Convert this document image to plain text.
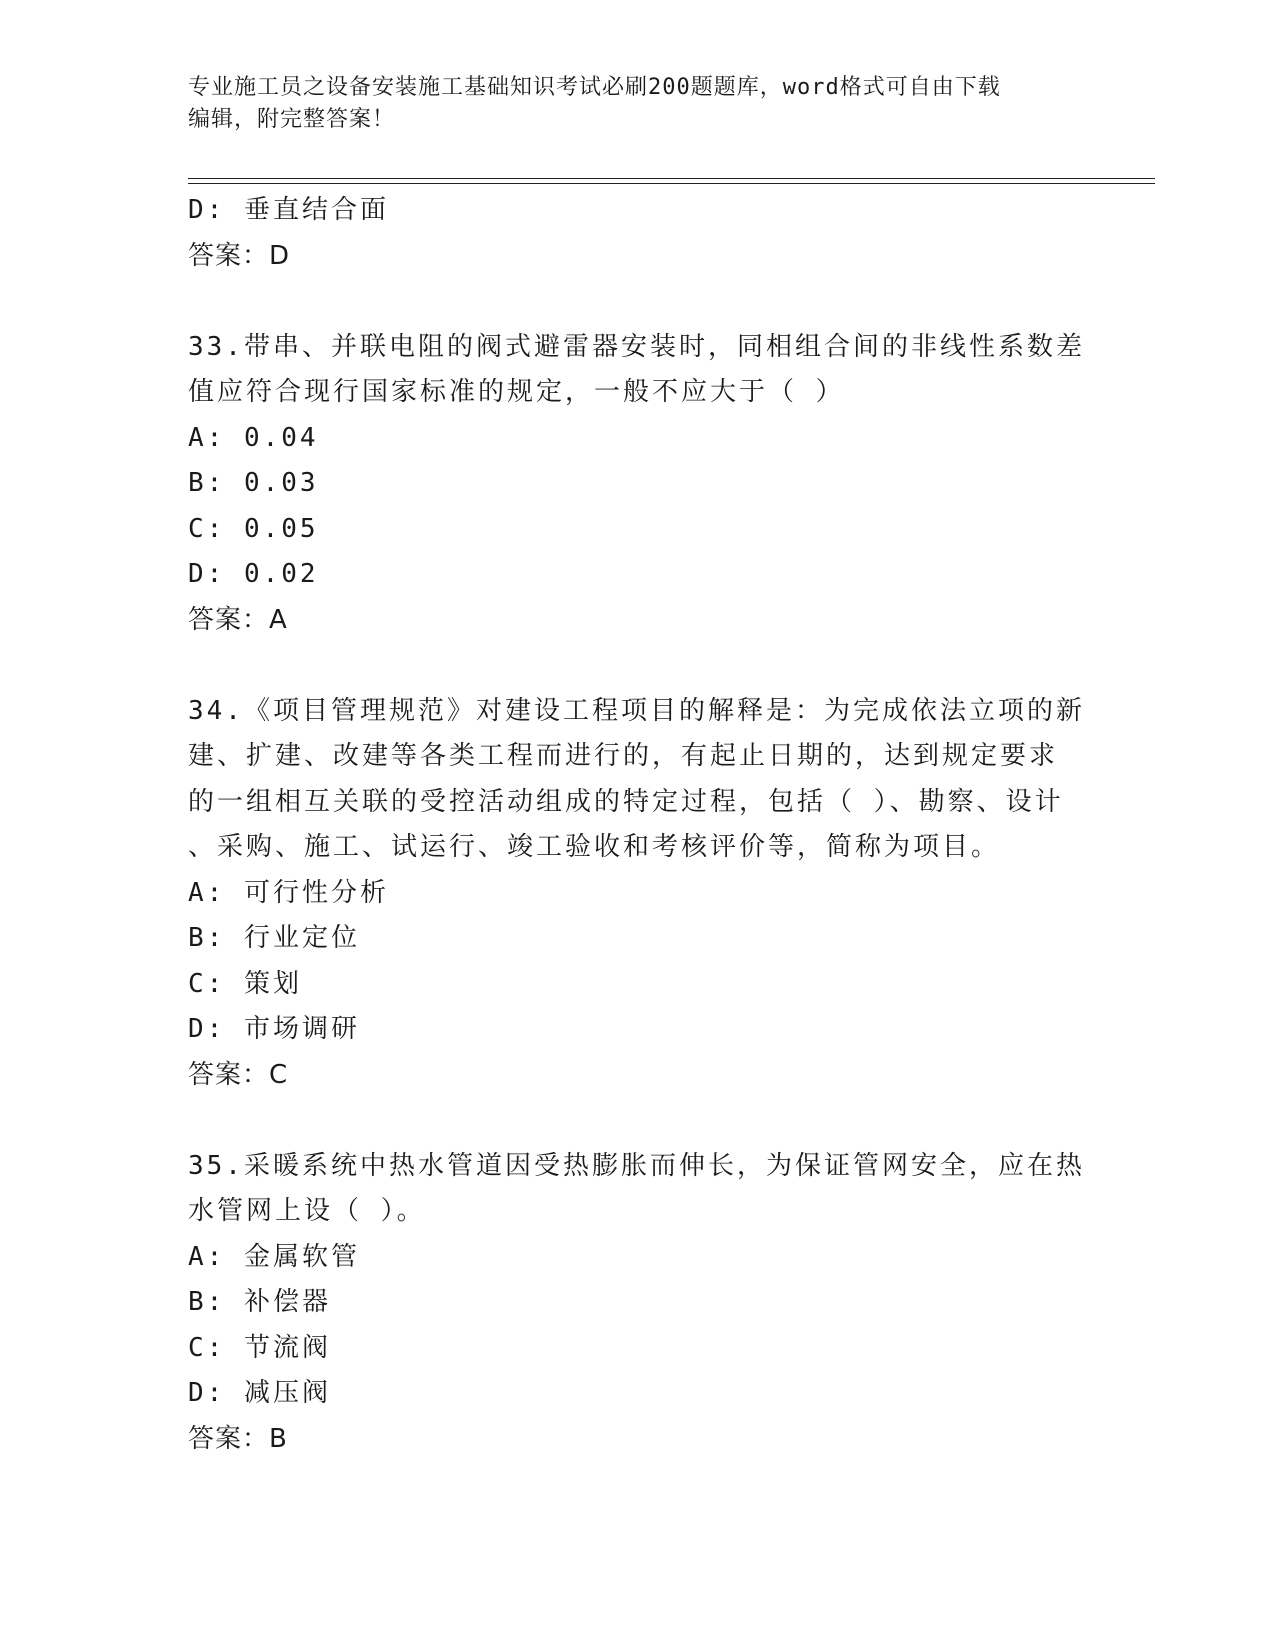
专业施工员之设备安装施工基础知识考试必刷200题题库，word格式可自由下载
编辑，附完整答案！
D: 垂直结合面
答案：D
33.带串、并联电阻的阀式避雷器安装时，同相组合间的非线性系数差
值应符合现行国家标准的规定，一般不应大于（ ）
A: 0.04
B: 0.03
C: 0.05
D: 0.02
答案：A
34.《项目管理规范》对建设工程项目的解释是：为完成依法立项的新
建、扩建、改建等各类工程而进行的，有起止日期的，达到规定要求
的一组相互关联的受控活动组成的特定过程，包括（ ）、勘察、设计
、采购、施工、试运行、竣工验收和考核评价等，简称为项目。
A: 可行性分析
B: 行业定位
C: 策划
D: 市场调研
答案：C
35.采暖系统中热水管道因受热膨胀而伸长，为保证管网安全，应在热
水管网上设（ ）。
A: 金属软管
B: 补偿器
C: 节流阀
D: 减压阀
答案：B
